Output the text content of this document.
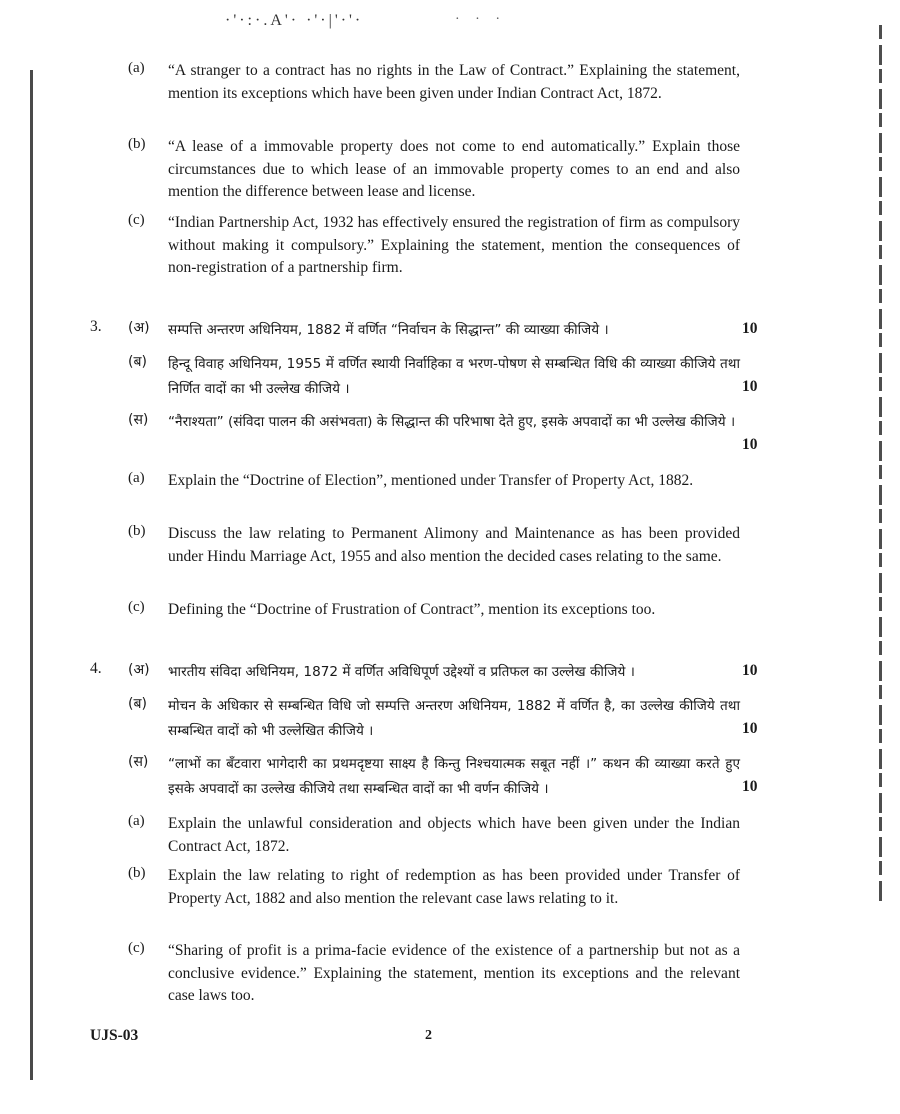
·'·:·.A'· ·'·|'·'·	· · ·
(a)	“A stranger to a contract has no rights in the Law of Contract.” Explaining the statement, mention its exceptions which have been given under Indian Contract Act, 1872.
(b)	“A lease of a immovable property does not come to end automatically.” Explain those circumstances due to which lease of an immovable property comes to an end and also mention the difference between lease and license.
(c)	“Indian Partnership Act, 1932 has effectively ensured the registration of firm as compulsory without making it compulsory.” Explaining the statement, mention the consequences of non-registration of a partnership firm.
3.	(अ)	सम्पत्ति अन्तरण अधिनियम, 1882 में वर्णित “निर्वाचन के सिद्धान्त” की व्याख्या कीजिये ।	10
(ब)	हिन्दू विवाह अधिनियम, 1955 में वर्णित स्थायी निर्वाहिका व भरण-पोषण से सम्बन्धित विधि की व्याख्या कीजिये तथा निर्णित वादों का भी उल्लेख कीजिये ।	10
(स)	“नैराश्यता” (संविदा पालन की असंभवता) के सिद्धान्त की परिभाषा देते हुए, इसके अपवादों का भी उल्लेख कीजिये ।
10
(a)	Explain the “Doctrine of Election”, mentioned under Transfer of Property Act, 1882.
(b)	Discuss the law relating to Permanent Alimony and Maintenance as has been provided under Hindu Marriage Act, 1955 and also mention the decided cases relating to the same.
(c)	Defining the “Doctrine of Frustration of Contract”, mention its exceptions too.
4.	(अ)	भारतीय संविदा अधिनियम, 1872 में वर्णित अविधिपूर्ण उद्देश्यों व प्रतिफल का उल्लेख कीजिये ।	10
(ब)	मोचन के अधिकार से सम्बन्धित विधि जो सम्पत्ति अन्तरण अधिनियम, 1882 में वर्णित है, का उल्लेख कीजिये तथा सम्बन्धित वादों को भी उल्लेखित कीजिये ।	10
(स)	“लाभों का बँटवारा भागेदारी का प्रथमदृष्टया साक्ष्य है किन्तु निश्चयात्मक सबूत नहीं ।” कथन की व्याख्या करते हुए इसके अपवादों का उल्लेख कीजिये तथा सम्बन्धित वादों का भी वर्णन कीजिये ।	10
(a)	Explain the unlawful consideration and objects which have been given under the Indian Contract Act, 1872.
(b)	Explain the law relating to right of redemption as has been provided under Transfer of Property Act, 1882 and also mention the relevant case laws relating to it.
(c)	“Sharing of profit is a prima-facie evidence of the existence of a partnership but not as a conclusive evidence.” Explaining the statement, mention its exceptions and the relevant case laws too.
UJS-03	2
